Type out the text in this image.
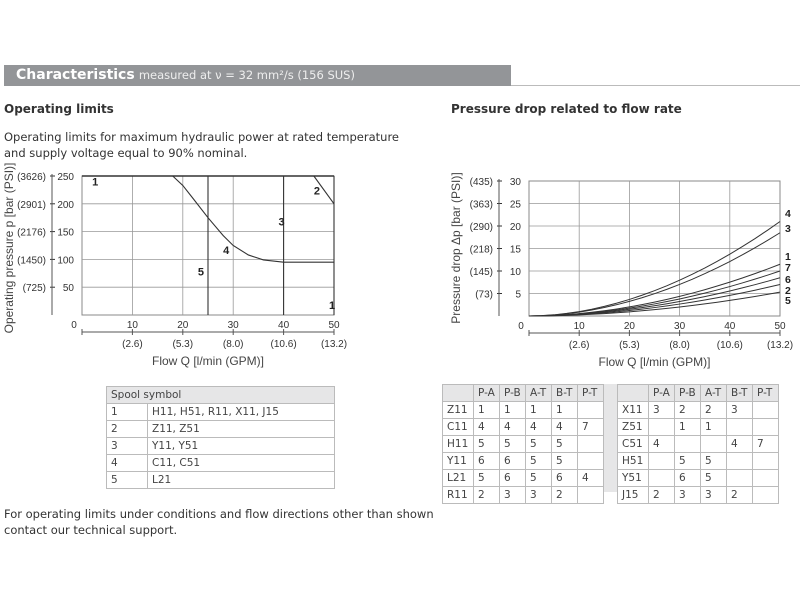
Characteristics measured at ν = 32 mm²/s (156 SUS)
Operating limits
Operating limits for maximum hydraulic power at rated temperature and supply voltage equal to 90% nominal.
Pressure drop related to flow rate
50
(725)
100
(1450)
150
(2176)
200
(2901)
250
(3626)
0	10	20	30	40	50
(2.6)	(5.3)	(8.0)	(10.6) (13.2)
Flow Q [l/min (GPM)]
Operating pressure p [bar (PSI)]	1
2
3
4
5
1
5
(73)
10
(145)
15
(218)
20
(290)
25
(363)
30
(435)
0	10	20	30	40	50
(2.6)	(5.3)	(8.0)	(10.6) (13.2)
Flow Q [l/min (GPM)]
Pressure drop Δp [bar (PSI)]	4
3
1
7
6
2
5
Spool symbol	
1	H11, H51, R11, X11, J15
2	Z11, Z51
3	Y11, Y51
4	C11, C51
5	L21
	P-A	P-B	A-T	B-T	P-T
Z11	1	1	1	1	
C11	4	4	4	4	7
H11	5	5	5	5	
Y11	6	6	5	5	
L21	5	6	5	6	4
R11	2	3	3	2	
	P-A	P-B	A-T	B-T	P-T
X11	3	2	2	3	
Z51		1	1		
C51	4			4	7
H51		5	5		
Y51		6	5		
J15	2	3	3	2	
For operating limits under conditions and flow directions other than shown contact our technical support.
